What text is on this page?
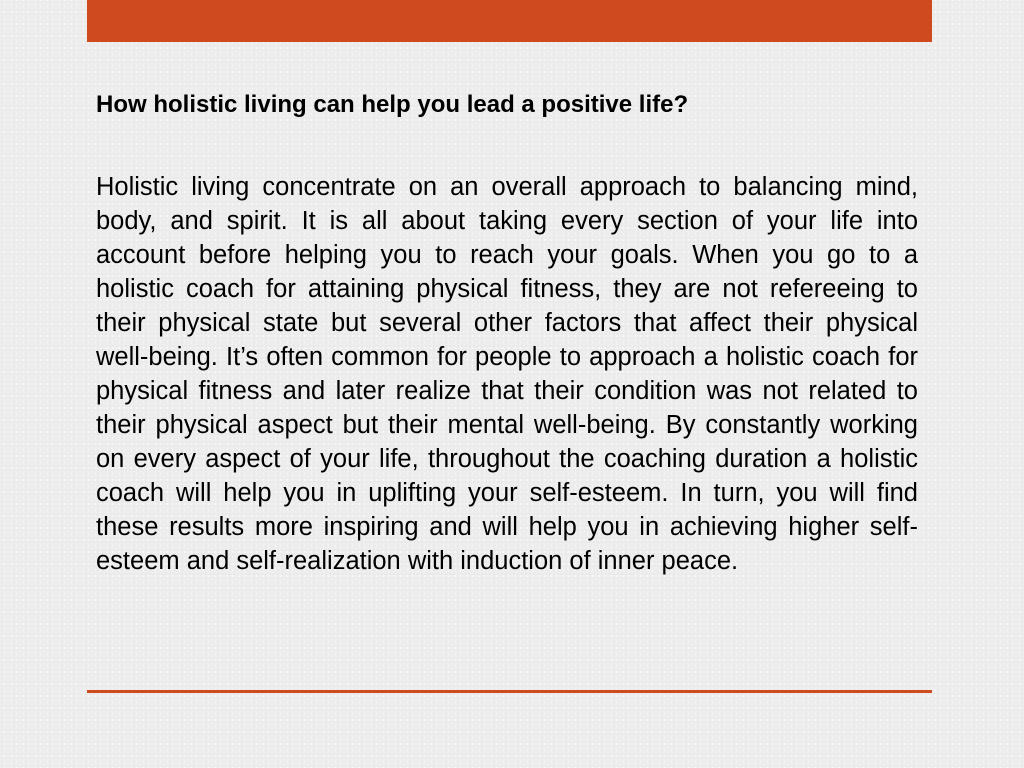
How holistic living can help you lead a positive life?

Holistic living concentrate on an overall approach to balancing mind, body, and spirit. It is all about taking every section of your life into account before helping you to reach your goals. When you go to a holistic coach for attaining physical fitness, they are not refereeing to their physical state but several other factors that affect their physical well-being. It’s often common for people to approach a holistic coach for physical fitness and later realize that their condition was not related to their physical aspect but their mental well-being. By constantly working on every aspect of your life, throughout the coaching duration a holistic coach will help you in uplifting your self-esteem. In turn, you will find these results more inspiring and will help you in achieving higher self-esteem and self-realization with induction of inner peace.
